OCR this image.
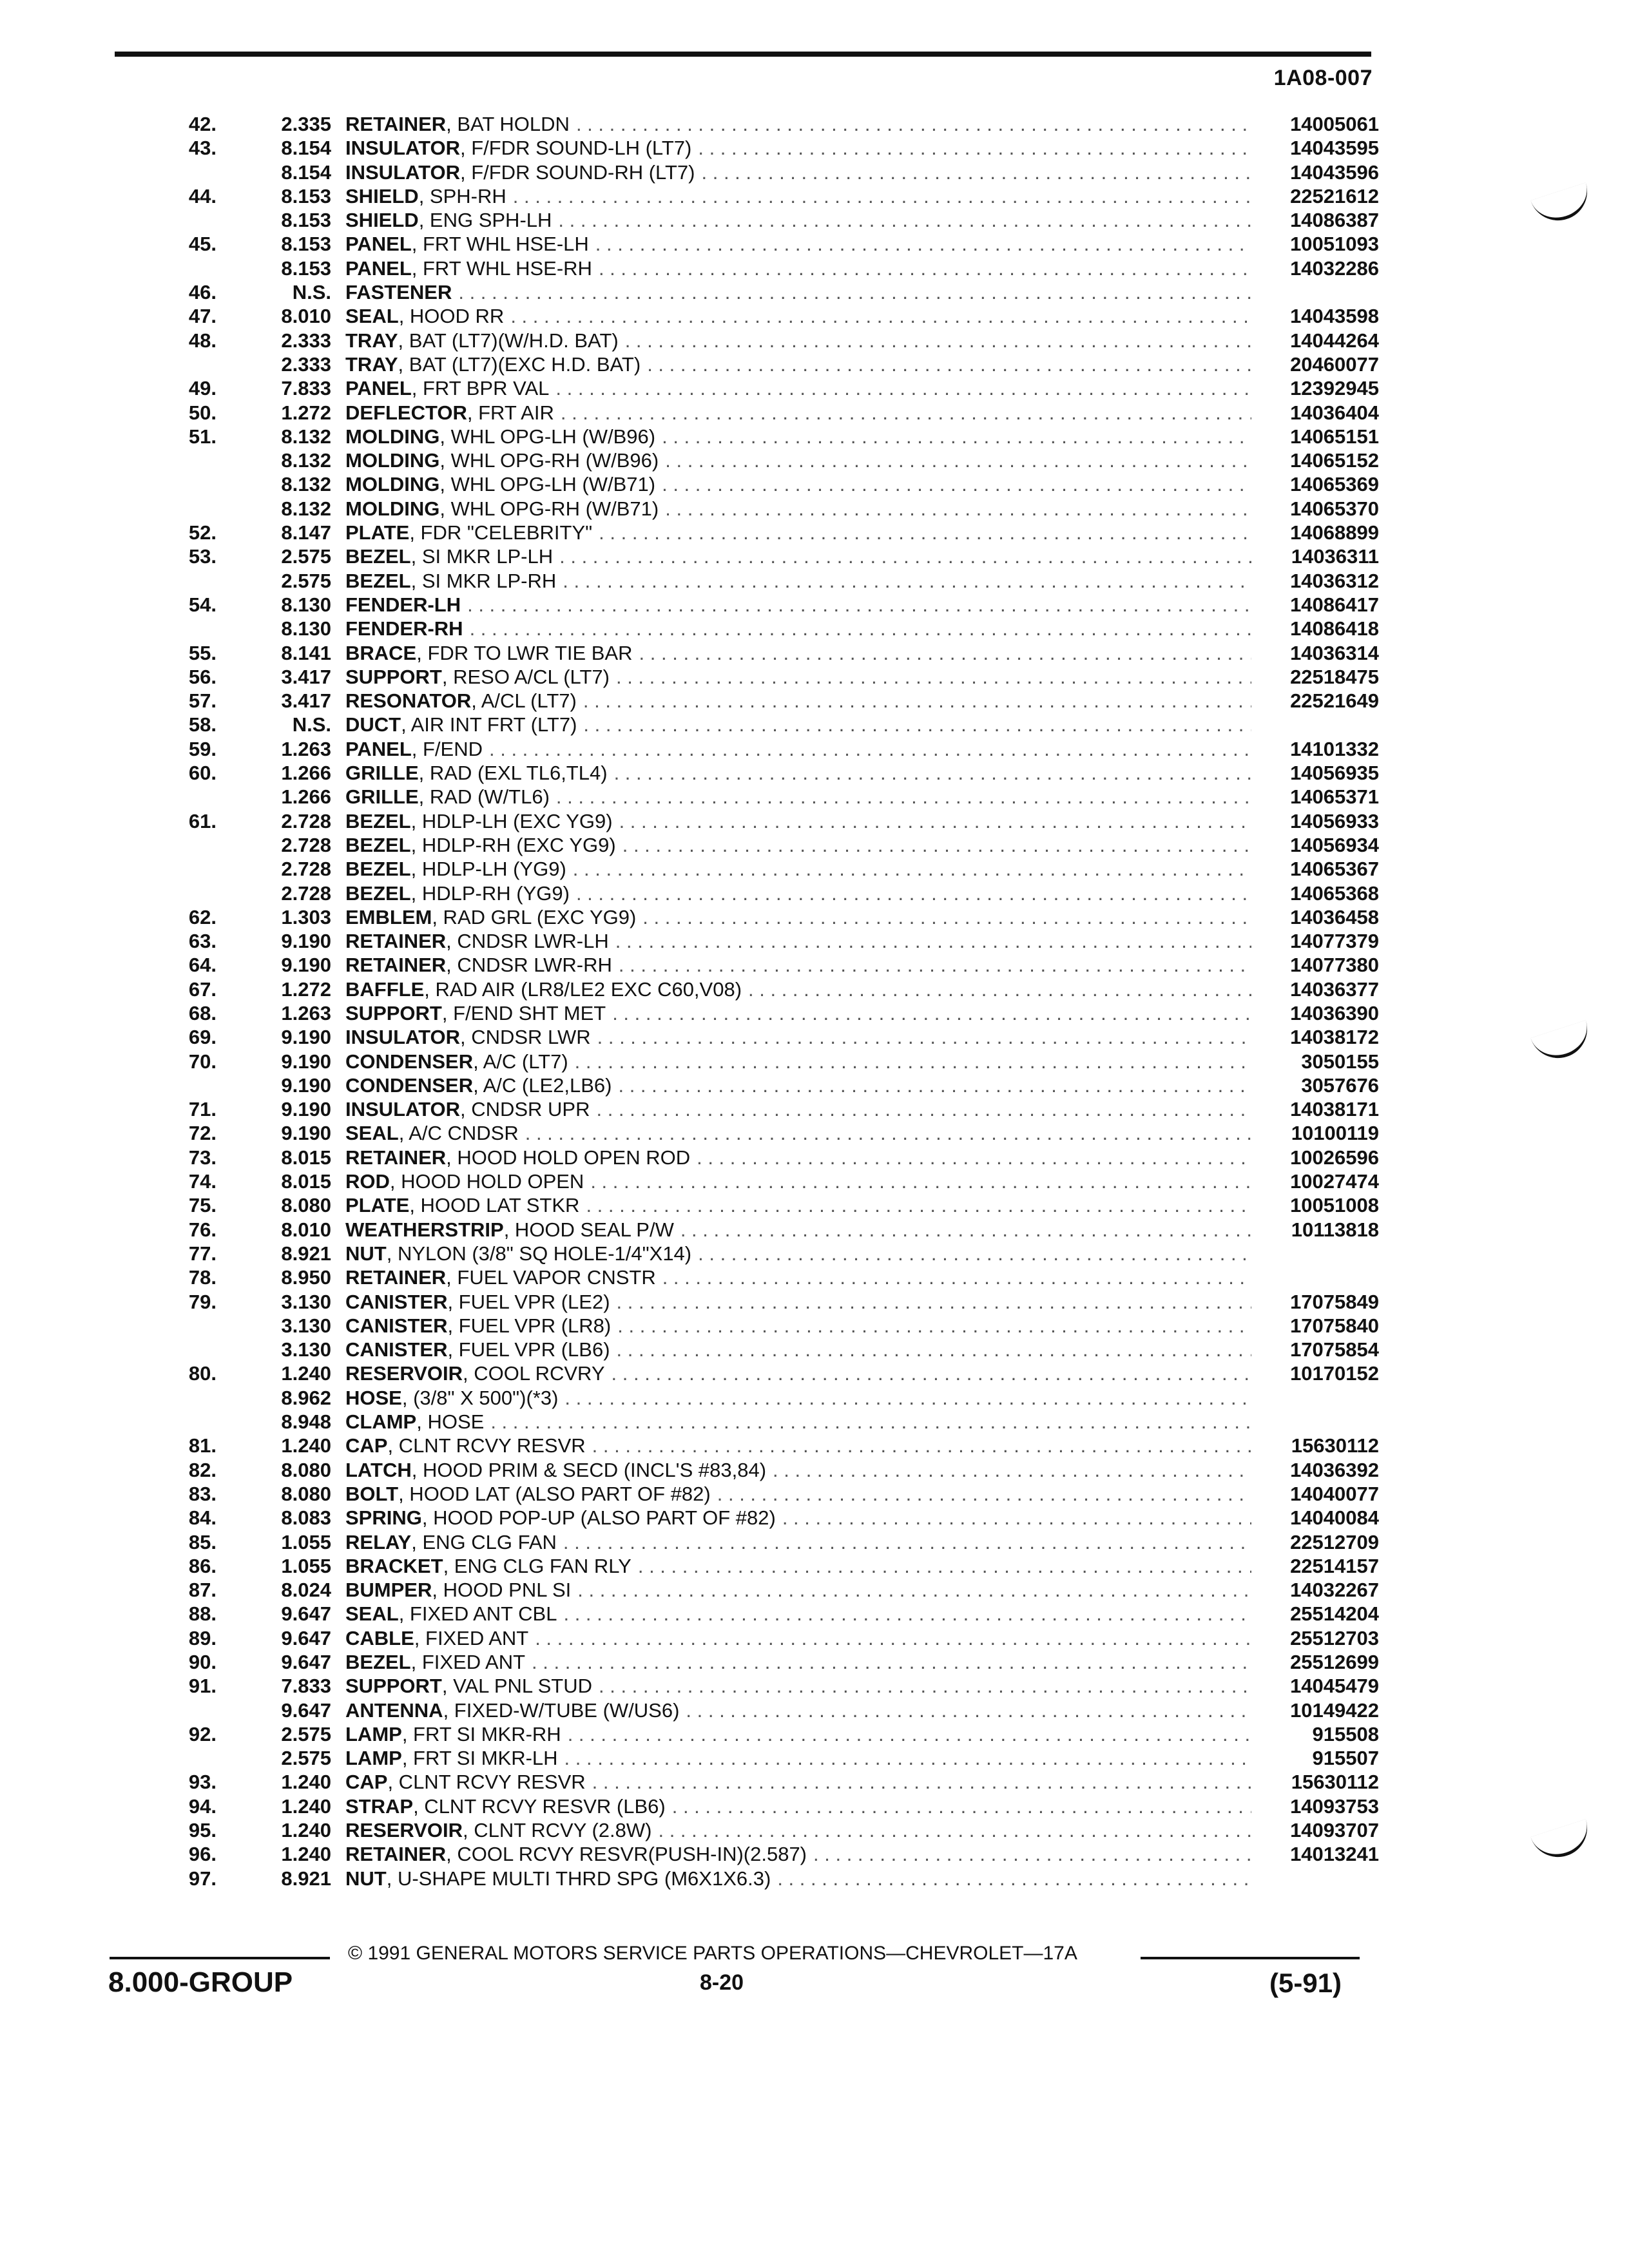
1A08-007
42.	2.335 RETAINER , BAT HOLDN . . .	14005061
43.	8.154 INSULATOR , F/FDR SOUND-LH (LT7) . . .	14043595
8.154 INSULATOR , F/FDR SOUND-RH (LT7) . . .	14043596
44.	8.153 SHIELD , SPH-RH . . .	22521612
8.153 SHIELD , ENG SPH-LH . . .	14086387
45.	8.153 PANEL , FRT WHL HSE-LH . . .	10051093
8.153 PANEL , FRT WHL HSE-RH . . .	14032286
46.	N.S. FASTENER
. . .
47.	8.010 SEAL , HOOD RR . . .	14043598
48.	2.333 TRAY , BAT (LT7)(W/H.D. BAT) . . .	14044264
2.333 TRAY , BAT (LT7)(EXC H.D. BAT) . . .	20460077
49.	7.833 PANEL , FRT BPR VAL . . .	12392945
50.	1.272 DEFLECTOR , FRT AIR . . .	14036404
51.	8.132 MOLDING , WHL OPG-LH (W/B96) . . .	14065151
8.132 MOLDING , WHL OPG-RH (W/B96) . . .	14065152
8.132 MOLDING , WHL OPG-LH (W/B71) . . .	14065369
8.132 MOLDING , WHL OPG-RH (W/B71) . . .	14065370
52.	8.147 PLATE , FDR "CELEBRITY" . . .	14068899
53.	2.575 BEZEL , SI MKR LP-LH . . .	14036311
2.575 BEZEL , SI MKR LP-RH . . .	14036312
54.	8.130 FENDER-LH . . .	14086417
8.130 FENDER-RH . . .	14086418
55.	8.141 BRACE , FDR TO LWR TIE BAR . . .	14036314
56.	3.417 SUPPORT , RESO A/CL (LT7) . . .	22518475
57.	3.417 RESONATOR , A/CL (LT7) . . .	22521649
58.	N.S. DUCT , AIR INT FRT (LT7)
. . .
59.	1.263 PANEL , F/END . . .	14101332
60.	1.266 GRILLE , RAD (EXL TL6,TL4) . . .	14056935
1.266 GRILLE , RAD (W/TL6) . . .	14065371
61.	2.728 BEZEL , HDLP-LH (EXC YG9) . . .	14056933
2.728 BEZEL , HDLP-RH (EXC YG9) . . .	14056934
2.728 BEZEL , HDLP-LH (YG9) . . .	14065367
2.728 BEZEL , HDLP-RH (YG9) . . .	14065368
62.	1.303 EMBLEM , RAD GRL (EXC YG9) . . .	14036458
63.	9.190 RETAINER , CNDSR LWR-LH . . .	14077379
64.	9.190 RETAINER , CNDSR LWR-RH . . .	14077380
67.	1.272 BAFFLE , RAD AIR (LR8/LE2 EXC C60,V08) . . .	14036377
68.	1.263 SUPPORT , F/END SHT MET . . .	14036390
69.	9.190 INSULATOR , CNDSR LWR . . .	14038172
70.	9.190 CONDENSER , A/C (LT7) . . .	3050155
9.190 CONDENSER , A/C (LE2,LB6) . . .	3057676
71.	9.190 INSULATOR , CNDSR UPR . . .	14038171
72.	9.190 SEAL , A/C CNDSR . . .	10100119
73.	8.015 RETAINER , HOOD HOLD OPEN ROD . . .	10026596
74.	8.015 ROD , HOOD HOLD OPEN . . .	10027474
75.	8.080 PLATE , HOOD LAT STKR . . .	10051008
76.	8.010 WEATHERSTRIP , HOOD SEAL P/W . . .	10113818
77.	8.921 NUT , NYLON (3/8" SQ HOLE-1/4"X14)
. . .
78.	8.950 RETAINER , FUEL VAPOR CNSTR
. . .
79.	3.130 CANISTER , FUEL VPR (LE2) . . .	17075849
3.130 CANISTER , FUEL VPR (LR8) . . .	17075840
3.130 CANISTER , FUEL VPR (LB6) . . .	17075854
80.	1.240 RESERVOIR , COOL RCVRY . . .	10170152
8.962 HOSE , (3/8" X 500")(*3)
. . .
8.948 CLAMP , HOSE
. . .
81.	1.240 CAP , CLNT RCVY RESVR . . .	15630112
82.	8.080 LATCH , HOOD PRIM & SECD (INCL'S #83,84) . . .	14036392
83.	8.080 BOLT , HOOD LAT (ALSO PART OF #82) . . .	14040077
84.	8.083 SPRING , HOOD POP-UP (ALSO PART OF #82) . . .	14040084
85.	1.055 RELAY , ENG CLG FAN . . .	22512709
86.	1.055 BRACKET , ENG CLG FAN RLY . . .	22514157
87.	8.024 BUMPER , HOOD PNL SI . . .	14032267
88.	9.647 SEAL , FIXED ANT CBL . . .	25514204
89.	9.647 CABLE , FIXED ANT . . .	25512703
90.	9.647 BEZEL , FIXED ANT . . .	25512699
91.	7.833 SUPPORT , VAL PNL STUD . . .	14045479
9.647 ANTENNA , FIXED-W/TUBE (W/US6) . . .	10149422
92.	2.575 LAMP , FRT SI MKR-RH . . .	915508
2.575 LAMP , FRT SI MKR-LH . . .	915507
93.	1.240 CAP , CLNT RCVY RESVR . . .	15630112
94.	1.240 STRAP , CLNT RCVY RESVR (LB6) . . .	14093753
95.	1.240 RESERVOIR , CLNT RCVY (2.8W) . . .	14093707
96.	1.240 RETAINER , COOL RCVY RESVR(PUSH-IN)(2.587) . . .	14013241
97.	8.921 NUT , U-SHAPE MULTI THRD SPG (M6X1X6.3)
. . .
© 1991 GENERAL MOTORS SERVICE PARTS OPERATIONS—CHEVROLET—17A
8.000-GROUP	8-20	(5-91)
